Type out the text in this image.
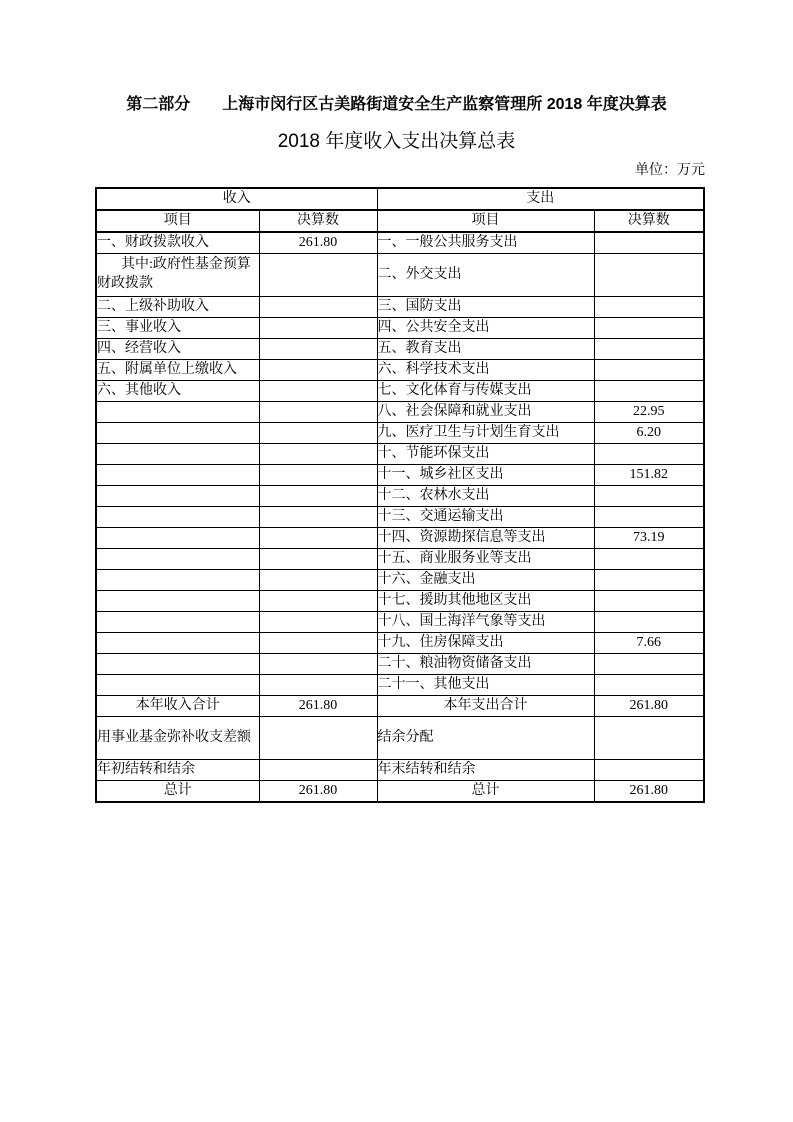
第二部分　　上海市闵行区古美路街道安全生产监察管理所 2018 年度决算表
2018 年度收入支出决算总表
单位：万元
收入		支出	
项目	决算数	项目	决算数
一、财政拨款收入	261.80	一、一般公共服务支出	
其中:政府性基金预算财政拨款		二、外交支出	
二、上级补助收入		三、国防支出	
三、事业收入		四、公共安全支出	
四、经营收入		五、教育支出	
五、附属单位上缴收入		六、科学技术支出	
六、其他收入		七、文化体育与传媒支出	
		八、社会保障和就业支出	22.95
		九、医疗卫生与计划生育支出	6.20
		十、节能环保支出	
		十一、城乡社区支出	151.82
		十二、农林水支出	
		十三、交通运输支出	
		十四、资源勘探信息等支出	73.19
		十五、商业服务业等支出	
		十六、金融支出	
		十七、援助其他地区支出	
		十八、国土海洋气象等支出	
		十九、住房保障支出	7.66
		二十、粮油物资储备支出	
		二十一、其他支出	
本年收入合计	261.80	本年支出合计	261.80
用事业基金弥补收支差额		结余分配	
年初结转和结余		年末结转和结余	
总计	261.80	总计	261.80
